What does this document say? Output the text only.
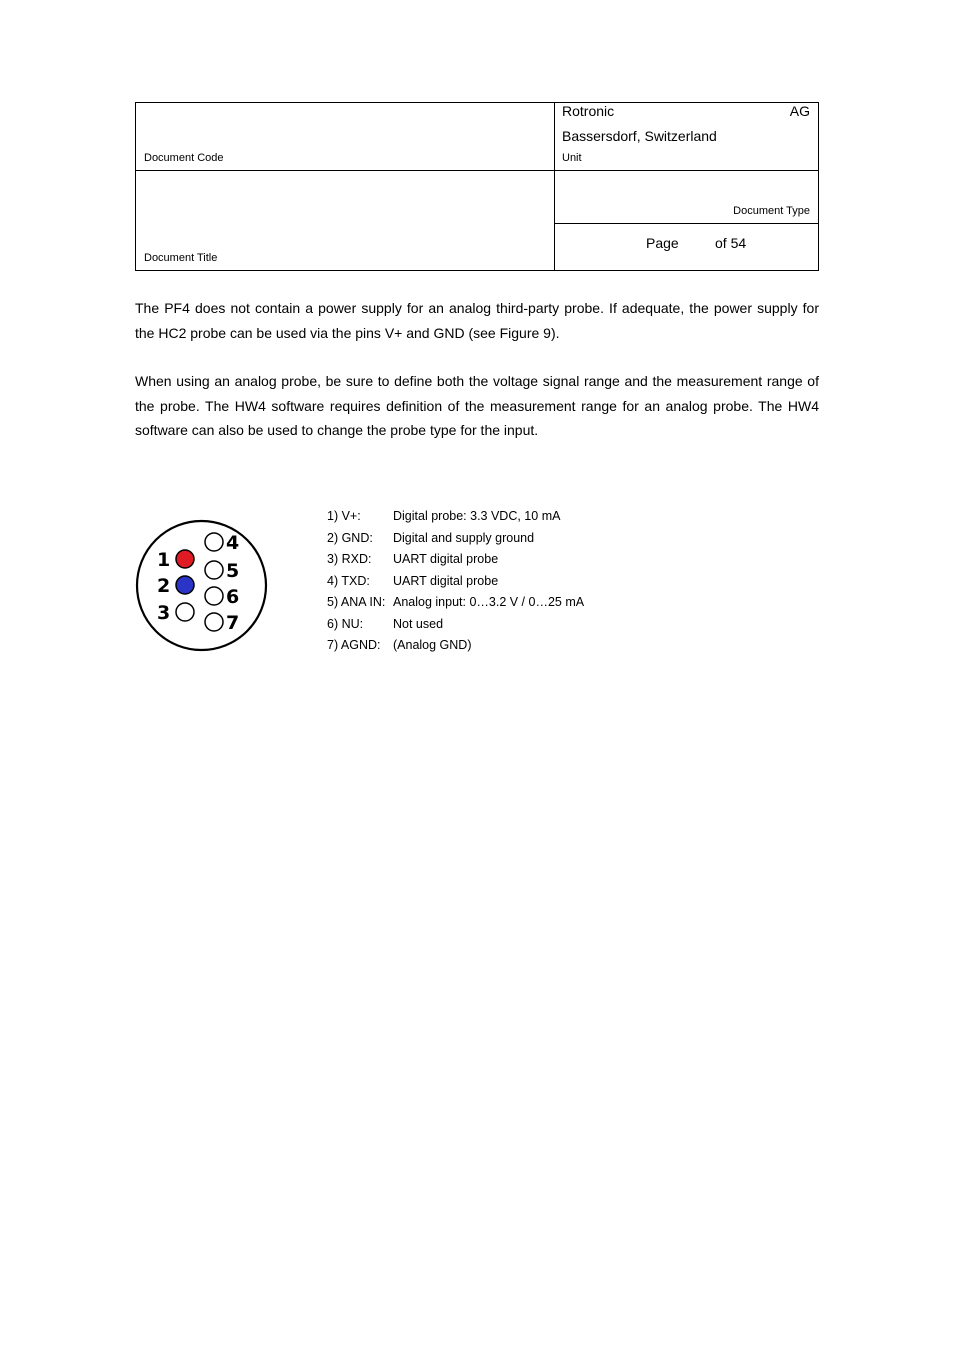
Document Code
Rotronic	AG
Bassersdorf, Switzerland
Unit
Document Type
Document Title
Page	of 54
The PF4 does not contain a power supply for an analog third-party probe. If adequate, the power supply for the HC2 probe can be used via the pins V+ and GND (see Figure 9).
When using an analog probe, be sure to define both the voltage signal range and the measurement range of the probe. The HW4 software requires definition of the measurement range for an analog probe. The HW4 software can also be used to change the probe type for the input.
1
2
3
4
5
6
7
1) V+:	Digital probe: 3.3 VDC, 10 mA
2) GND:	Digital and supply ground
3) RXD:	UART digital probe
4) TXD:	UART digital probe
5) ANA IN: Analog input: 0…3.2 V / 0…25 mA
6) NU:	Not used
7) AGND:	(Analog GND)
